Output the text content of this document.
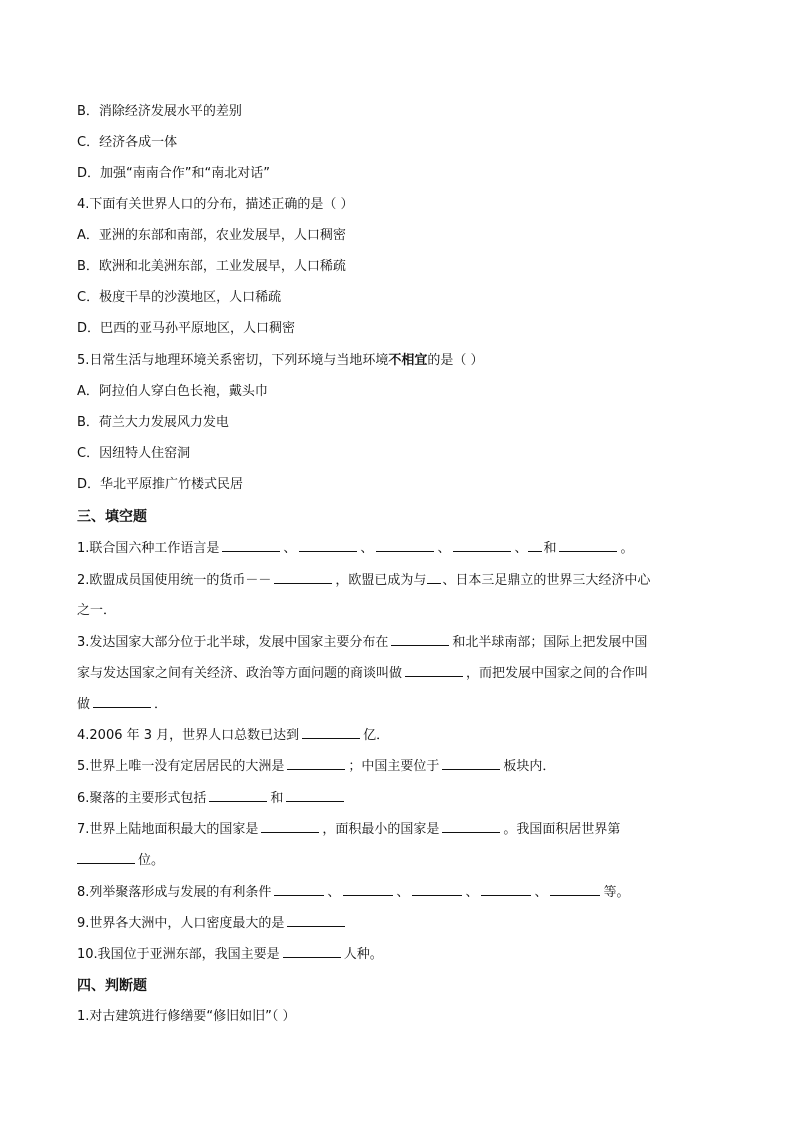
B．消除经济发展水平的差别
C．经济各成一体
D．加强“南南合作”和“南北对话”
4.下面有关世界人口的分布，描述正确的是（ ）
A．亚洲的东部和南部，农业发展早，人口稠密
B．欧洲和北美洲东部，工业发展早，人口稀疏
C．极度干旱的沙漠地区，人口稀疏
D．巴西的亚马孙平原地区，人口稠密
5.日常生活与地理环境关系密切，下列环境与当地环境不相宜的是（ ）
A．阿拉伯人穿白色长袍，戴头巾
B．荷兰大力发展风力发电
C．因纽特人住窑洞
D．华北平原推广竹楼式民居
三、填空题
1.联合国六种工作语言是	、	、	、	、 和	。
2.欧盟成员国使用统一的货币－－	，欧盟已成为与 、日本三足鼎立的世界三大经济中心
之一．
3.发达国家大部分位于北半球，发展中国家主要分布在	和北半球南部；国际上把发展中国
家与发达国家之间有关经济、政治等方面问题的商谈叫做	，而把发展中国家之间的合作叫
做	．
4.2006 年 3 月，世界人口总数已达到	亿．
5.世界上唯一没有定居居民的大洲是	；中国主要位于	板块内．
6.聚落的主要形式包括	和
7.世界上陆地面积最大的国家是	，面积最小的国家是	。我国面积居世界第
位。
8.列举聚落形成与发展的有利条件	、	、	、	、	等。
9.世界各大洲中，人口密度最大的是
10.我国位于亚洲东部，我国主要是	人种。
四、判断题
1.对古建筑进行修缮要“修旧如旧”（ ）
